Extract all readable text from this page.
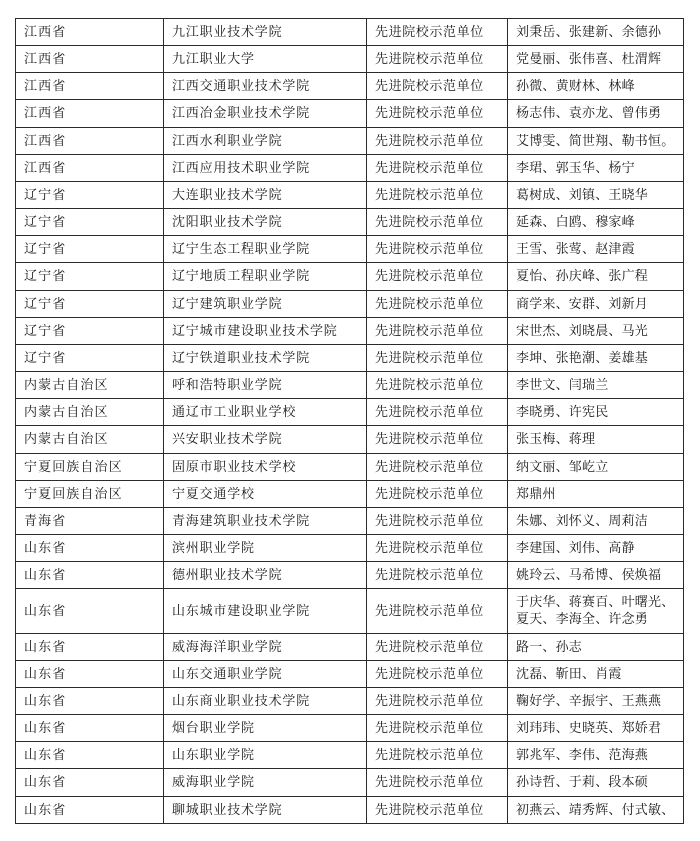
江西省	九江职业技术学院	先进院校示范单位	刘秉岳、张建新、余德孙
江西省	九江职业大学	先进院校示范单位	党曼丽、张伟喜、杜渭辉
江西省	江西交通职业技术学院	先进院校示范单位	孙微、黄财林、林峰
江西省	江西冶金职业技术学院	先进院校示范单位	杨志伟、袁亦龙、曾伟勇
江西省	江西水利职业学院	先进院校示范单位	艾博雯、简世翔、勒书恒。
江西省	江西应用技术职业学院	先进院校示范单位	李珺、郭玉华、杨宁
辽宁省	大连职业技术学院	先进院校示范单位	葛树成、刘镇、王晓华
辽宁省	沈阳职业技术学院	先进院校示范单位	延森、白鸥、穆家峰
辽宁省	辽宁生态工程职业学院	先进院校示范单位	王雪、张莺、赵津霞
辽宁省	辽宁地质工程职业学院	先进院校示范单位	夏怡、孙庆峰、张广程
辽宁省	辽宁建筑职业学院	先进院校示范单位	商学来、安群、刘新月
辽宁省	辽宁城市建设职业技术学院	先进院校示范单位	宋世杰、刘晓晨、马光
辽宁省	辽宁铁道职业技术学院	先进院校示范单位	李坤、张艳潮、姜雄基
内蒙古自治区	呼和浩特职业学院	先进院校示范单位	李世文、闫瑞兰
内蒙古自治区	通辽市工业职业学校	先进院校示范单位	李晓勇、许宪民
内蒙古自治区	兴安职业技术学院	先进院校示范单位	张玉梅、蒋理
宁夏回族自治区	固原市职业技术学校	先进院校示范单位	纳文丽、邹屹立
宁夏回族自治区	宁夏交通学校	先进院校示范单位	郑鼎州
青海省	青海建筑职业技术学院	先进院校示范单位	朱娜、刘怀义、周莉洁
山东省	滨州职业学院	先进院校示范单位	李建国、刘伟、高静
山东省	德州职业技术学院	先进院校示范单位	姚玲云、马希博、侯焕福
山东省	山东城市建设职业学院	先进院校示范单位	于庆华、蒋赛百、叶曙光、夏天、李海全、许念勇
山东省	威海海洋职业学院	先进院校示范单位	路一、孙志
山东省	山东交通职业学院	先进院校示范单位	沈磊、靳田、肖霞
山东省	山东商业职业技术学院	先进院校示范单位	鞠好学、辛振宇、王燕燕
山东省	烟台职业学院	先进院校示范单位	刘玮玮、史晓英、郑娇君
山东省	山东职业学院	先进院校示范单位	郭兆军、李伟、范海燕
山东省	威海职业学院	先进院校示范单位	孙诗哲、于莉、段本硕
山东省	聊城职业技术学院	先进院校示范单位	初燕云、靖秀辉、付式敏、
